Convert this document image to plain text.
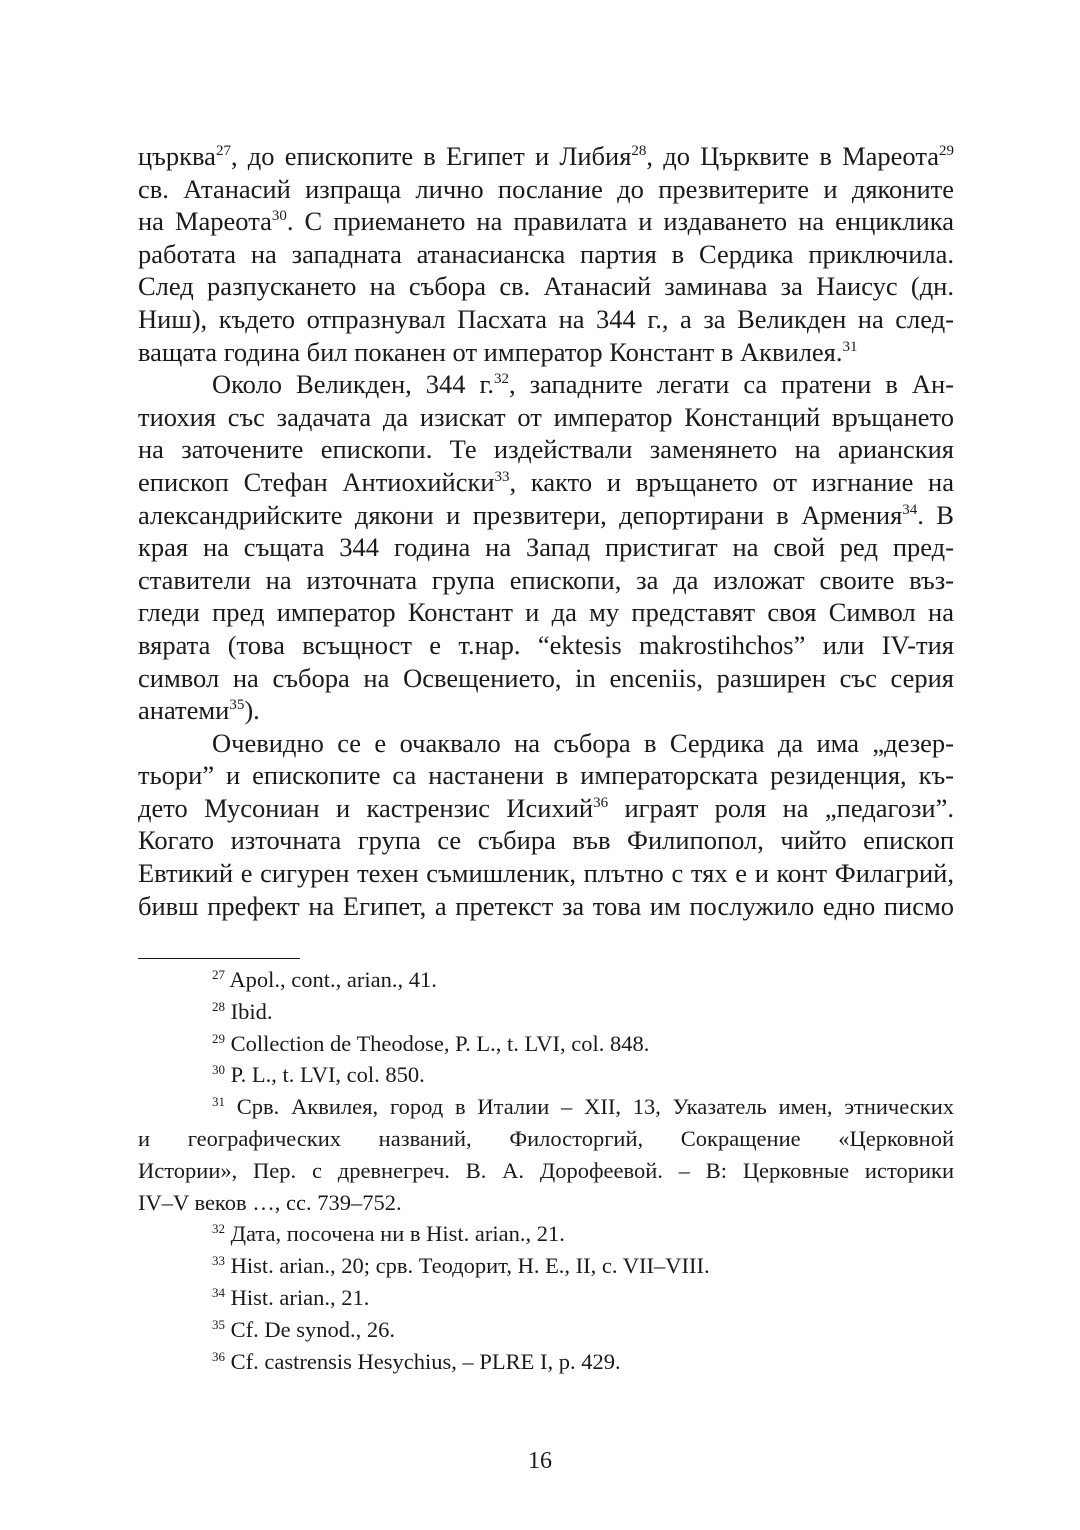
църква$^{27}$, до епископите в Египет и Либия$^{28}$, до Църквите в Мареота$^{29}$
св. Атанасий изпраща лично послание до презвитерите и дяконите
на Мареота$^{30}$. С приемането на правилата и издаването на енциклика
работата на западната атанасианска партия в Сердика приключила.
След разпускането на събора св. Атанасий заминава за Наисус (дн.
Ниш), където отпразнувал Пасхата на 344 г., а за Великден на след-
ващата година бил поканен от император Констант в Аквилея.$^{31}$
Около Великден, 344 г.$^{32}$, западните легати са пратени в Ан-
тиохия със задачата да изискат от император Констанций връщането
на заточените епископи. Те издействали заменянето на арианския
епископ Стефан Антиохийски$^{33}$, както и връщането от изгнание на
александрийските дякони и презвитери, депортирани в Армения$^{34}$. В
края на същата 344 година на Запад пристигат на свой ред пред-
ставители на източната група епископи, за да изложат своите въз-
гледи пред император Констант и да му представят своя Символ на
вярата (това всъщност е т.нар. “ektesis makrostihchos” или IV-тия
символ на събора на Освещението, in enceniis, разширен със серия
анатеми$^{35}$).
Очевидно се е очаквало на събора в Сердика да има „дезер-
тьори” и епископите са настанени в императорската резиденция, къ-
дето Мусониан и кастрензис Исихий$^{36}$ играят роля на „педагози”.
Когато източната група се събира във Филипопол, чийто епископ
Евтикий е сигурен техен съмишленик, плътно с тях е и конт Филагрий,
бивш префект на Египет, а претекст за това им послужило едно писмо
$^{27}$ Apol., cont., arian., 41.
$^{28}$ Ibid.
$^{29}$ Collection de Theodose, P. L., t. LVI, col. 848.
$^{30}$ P. L., t. LVI, col. 850.
$^{31}$ Срв. Аквилея, город в Италии – XII, 13, Указатель имен, этнических
и географических названий, Филосторгий, Сокращение «Церковной
Истории», Пер. с древнегреч. В. А. Дорофеевой. – В: Церковные историки
IV–V веков …, сс. 739–752.
$^{32}$ Дата, посочена ни в Hist. arian., 21.
$^{33}$ Hist. arian., 20; срв. Теодорит, H. E., II, c. VII–VIII.
$^{34}$ Hist. arian., 21.
$^{35}$ Cf. De synod., 26.
$^{36}$ Cf. castrensis Hesychius, – PLRE I, p. 429.
16
